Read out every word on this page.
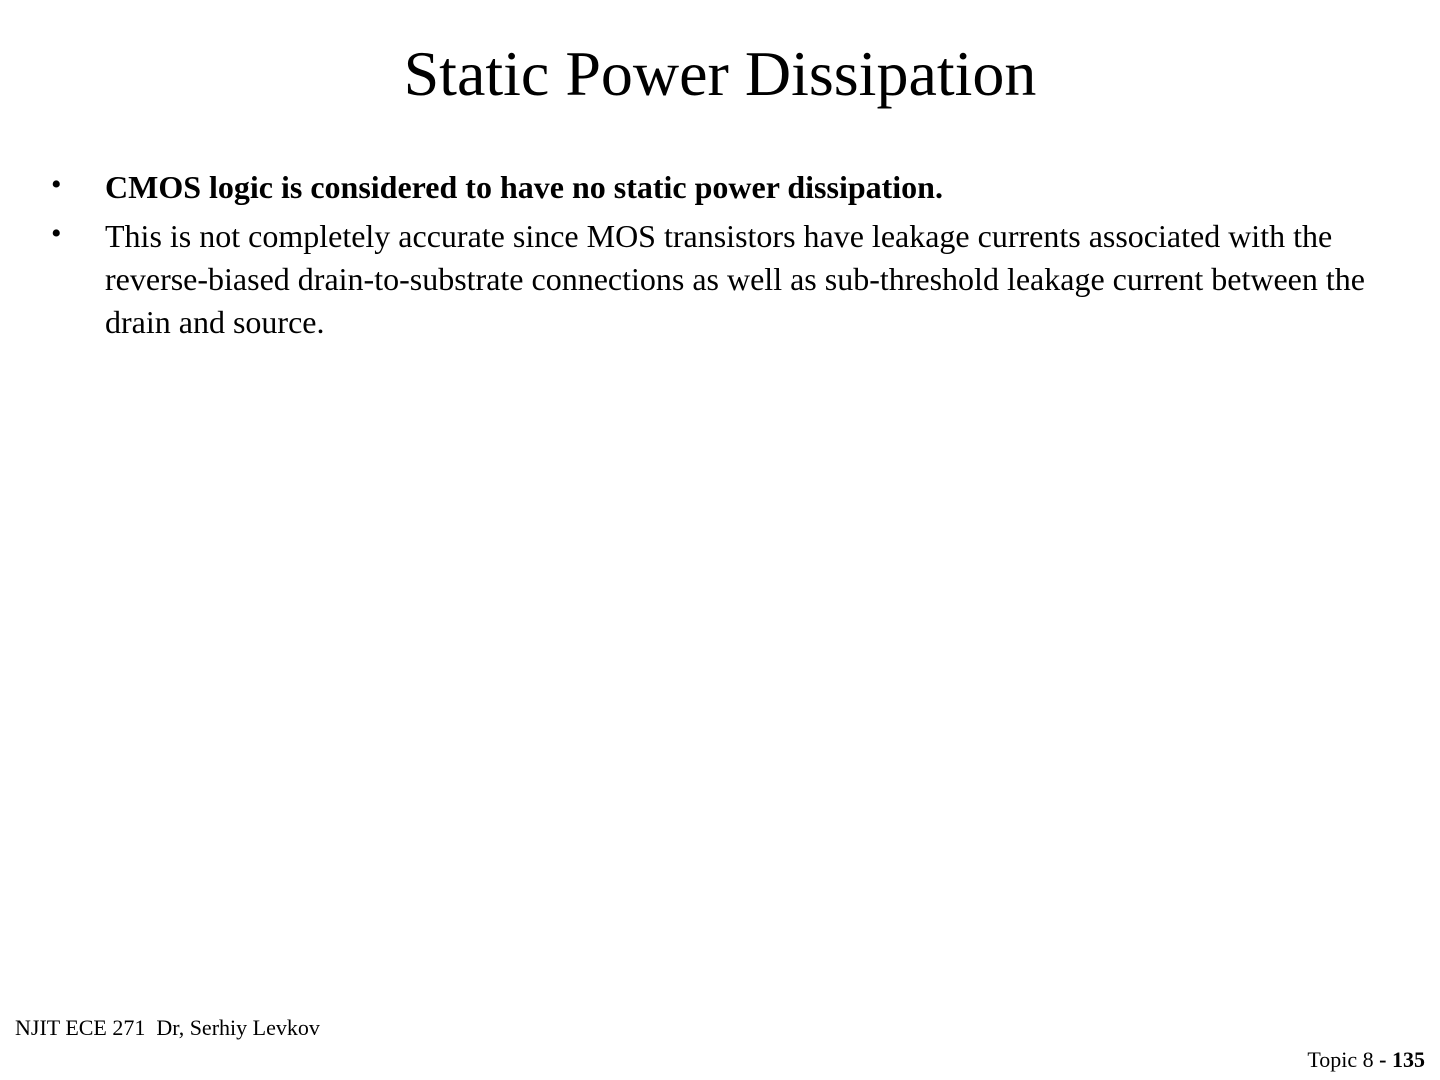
Static Power Dissipation
• CMOS logic is considered to have no static power dissipation.
• This is not completely accurate since MOS transistors have leakage currents associated with the reverse-biased drain-to-substrate connections as well as sub-threshold leakage current between the drain and source.
NJIT ECE 271  Dr, Serhiy Levkov
Topic 8 - 135
